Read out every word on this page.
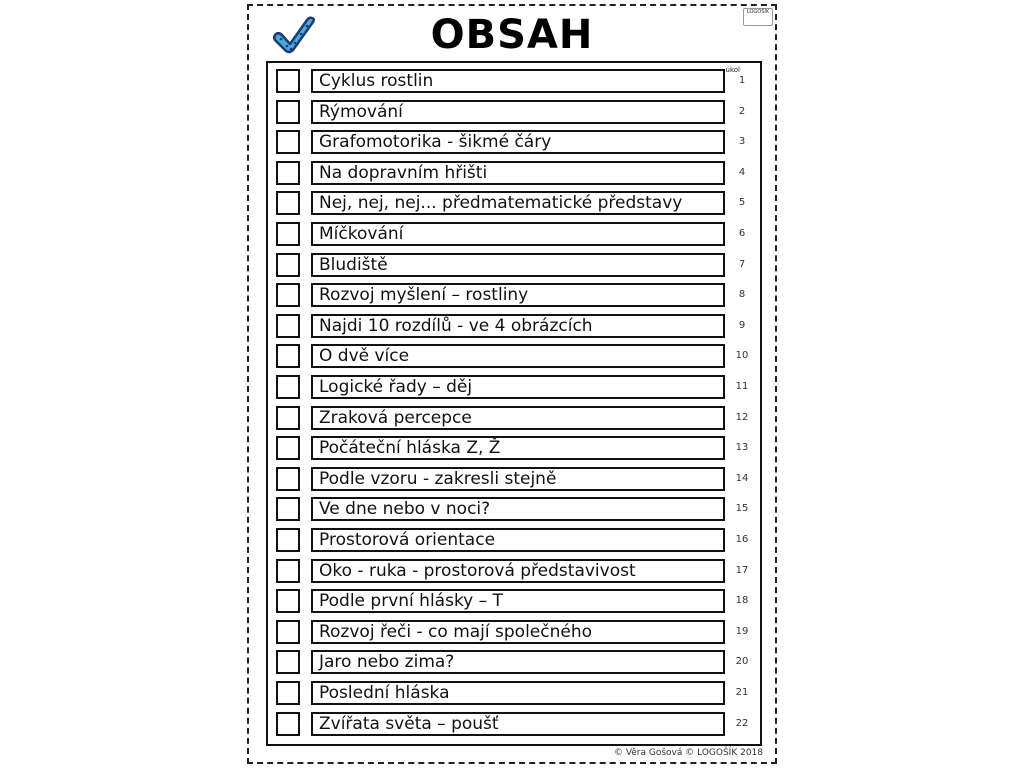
OBSAH	LOGOŠÍK
úkol
Cyklus rostlin	1
Rýmování	2
Grafomotorika - šikmé čáry	3
Na dopravním hřišti	4
Nej, nej, nej... předmatematické představy	5
Míčkování	6
Bludiště	7
Rozvoj myšlení – rostliny	8
Najdi 10 rozdílů - ve 4 obrázcích	9
O dvě více	10
Logické řady – děj	11
Zraková percepce	12
Počáteční hláska Z, Ž	13
Podle vzoru - zakresli stejně	14
Ve dne nebo v noci?	15
Prostorová orientace	16
Oko - ruka - prostorová představivost	17
Podle první hlásky – T	18
Rozvoj řeči - co mají společného	19
Jaro nebo zima?	20
Poslední hláska	21
Zvířata světa – poušť	22
© Věra Gošová © LOGOŠÍK 2018
